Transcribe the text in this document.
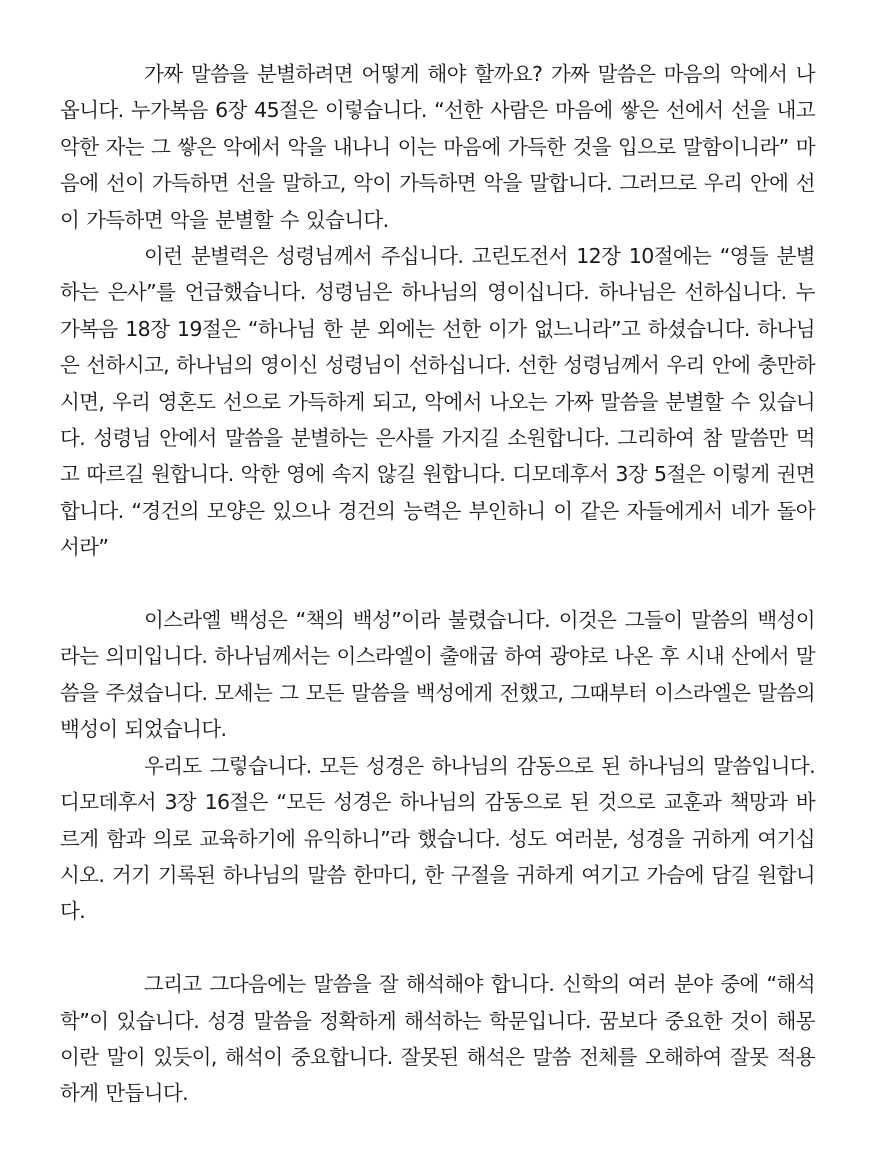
가짜 말씀을 분별하려면 어떻게 해야 할까요? 가짜 말씀은 마음의 악에서 나옵니다. 누가복음 6장 45절은 이렇습니다. “선한 사람은 마음에 쌓은 선에서 선을 내고 악한 자는 그 쌓은 악에서 악을 내나니 이는 마음에 가득한 것을 입으로 말함이니라” 마음에 선이 가득하면 선을 말하고, 악이 가득하면 악을 말합니다. 그러므로 우리 안에 선이 가득하면 악을 분별할 수 있습니다.

이런 분별력은 성령님께서 주십니다. 고린도전서 12장 10절에는 “영들 분별하는 은사”를 언급했습니다. 성령님은 하나님의 영이십니다. 하나님은 선하십니다. 누가복음 18장 19절은 “하나님 한 분 외에는 선한 이가 없느니라”고 하셨습니다. 하나님은 선하시고, 하나님의 영이신 성령님이 선하십니다. 선한 성령님께서 우리 안에 충만하시면, 우리 영혼도 선으로 가득하게 되고, 악에서 나오는 가짜 말씀을 분별할 수 있습니다. 성령님 안에서 말씀을 분별하는 은사를 가지길 소원합니다. 그리하여 참 말씀만 먹고 따르길 원합니다. 악한 영에 속지 않길 원합니다. 디모데후서 3장 5절은 이렇게 권면합니다. “경건의 모양은 있으나 경건의 능력은 부인하니 이 같은 자들에게서 네가 돌아서라”

이스라엘 백성은 “책의 백성”이라 불렸습니다. 이것은 그들이 말씀의 백성이라는 의미입니다. 하나님께서는 이스라엘이 출애굽 하여 광야로 나온 후 시내 산에서 말씀을 주셨습니다. 모세는 그 모든 말씀을 백성에게 전했고, 그때부터 이스라엘은 말씀의 백성이 되었습니다.

우리도 그렇습니다. 모든 성경은 하나님의 감동으로 된 하나님의 말씀입니다. 디모데후서 3장 16절은 “모든 성경은 하나님의 감동으로 된 것으로 교훈과 책망과 바르게 함과 의로 교육하기에 유익하니”라 했습니다. 성도 여러분, 성경을 귀하게 여기십시오. 거기 기록된 하나님의 말씀 한마디, 한 구절을 귀하게 여기고 가슴에 담길 원합니다.

그리고 그다음에는 말씀을 잘 해석해야 합니다. 신학의 여러 분야 중에 “해석학”이 있습니다. 성경 말씀을 정확하게 해석하는 학문입니다. 꿈보다 중요한 것이 해몽이란 말이 있듯이, 해석이 중요합니다. 잘못된 해석은 말씀 전체를 오해하여 잘못 적용하게 만듭니다.
